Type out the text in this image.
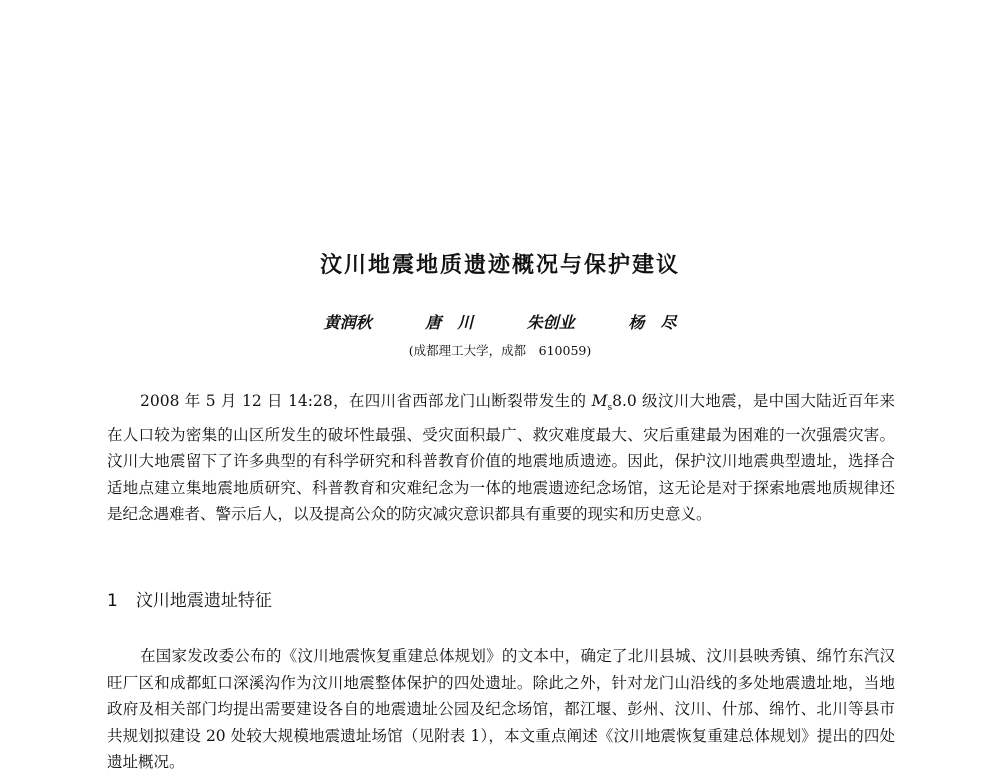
汶川地震地质遗迹概况与保护建议
黄润秋	唐　川	朱创业	杨　尽
(成都理工大学，成都　610059)

2008 年 5 月 12 日 14:28，在四川省西部龙门山断裂带发生的 $M_s8.0$ 级汶川大地震，是中国大陆近百年来在人口较为密集的山区所发生的破坏性最强、受灾面积最广、救灾难度最大、灾后重建最为困难的一次强震灾害。汶川大地震留下了许多典型的有科学研究和科普教育价值的地震地质遗迹。因此，保护汶川地震典型遗址，选择合适地点建立集地震地质研究、科普教育和灾难纪念为一体的地震遗迹纪念场馆，这无论是对于探索地震地质规律还是纪念遇难者、警示后人，以及提高公众的防灾减灾意识都具有重要的现实和历史意义。

1 汶川地震遗址特征

在国家发改委公布的《汶川地震恢复重建总体规划》的文本中，确定了北川县城、汶川县映秀镇、绵竹东汽汉旺厂区和成都虹口深溪沟作为汶川地震整体保护的四处遗址。除此之外，针对龙门山沿线的多处地震遗址地，当地政府及相关部门均提出需要建设各自的地震遗址公园及纪念场馆，都江堰、彭州、汶川、什邡、绵竹、北川等县市共规划拟建设 20 处较大规模地震遗址场馆（见附表 1），本文重点阐述《汶川地震恢复重建总体规划》提出的四处遗址概况。
